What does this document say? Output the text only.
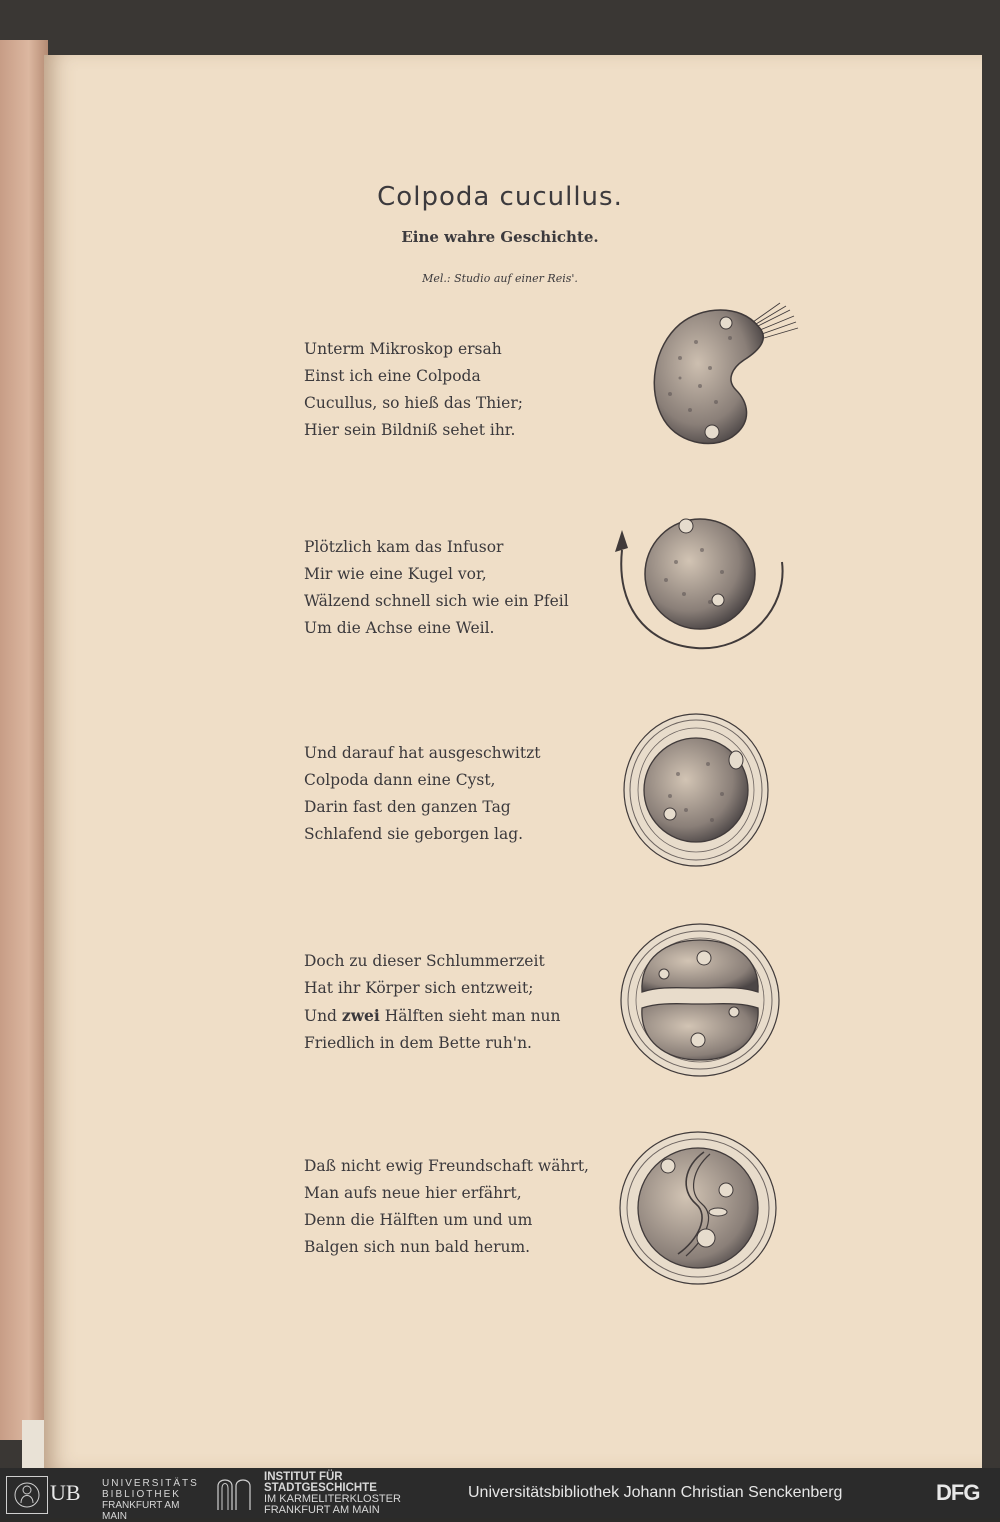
Colpoda cucullus.
Eine wahre Geschichte.
Mel.: Studio auf einer Reis'.
Unterm Mikroskop ersah
Einst ich eine Colpoda
Cucullus, so hieß das Thier;
Hier sein Bildniß sehet ihr.
Plötzlich kam das Infusor
Mir wie eine Kugel vor,
Wälzend schnell sich wie ein Pfeil
Um die Achse eine Weil.
Und darauf hat ausgeschwitzt
Colpoda dann eine Cyst,
Darin fast den ganzen Tag
Schlafend sie geborgen lag.
Doch zu dieser Schlummerzeit
Hat ihr Körper sich entzweit;
Und zwei Hälften sieht man nun
Friedlich in dem Bette ruh'n.
Daß nicht ewig Freundschaft währt,
Man aufs neue hier erfährt,
Denn die Hälften um und um
Balgen sich nun bald herum.
UB UNIVERSITÄTS
BIBLIOTHEK
FRANKFURT AM MAIN
INSTITUT FÜR
STADTGESCHICHTE
IM KARMELITERKLOSTER
FRANKFURT AM MAIN
Universitätsbibliothek Johann Christian Senckenberg	DFG
